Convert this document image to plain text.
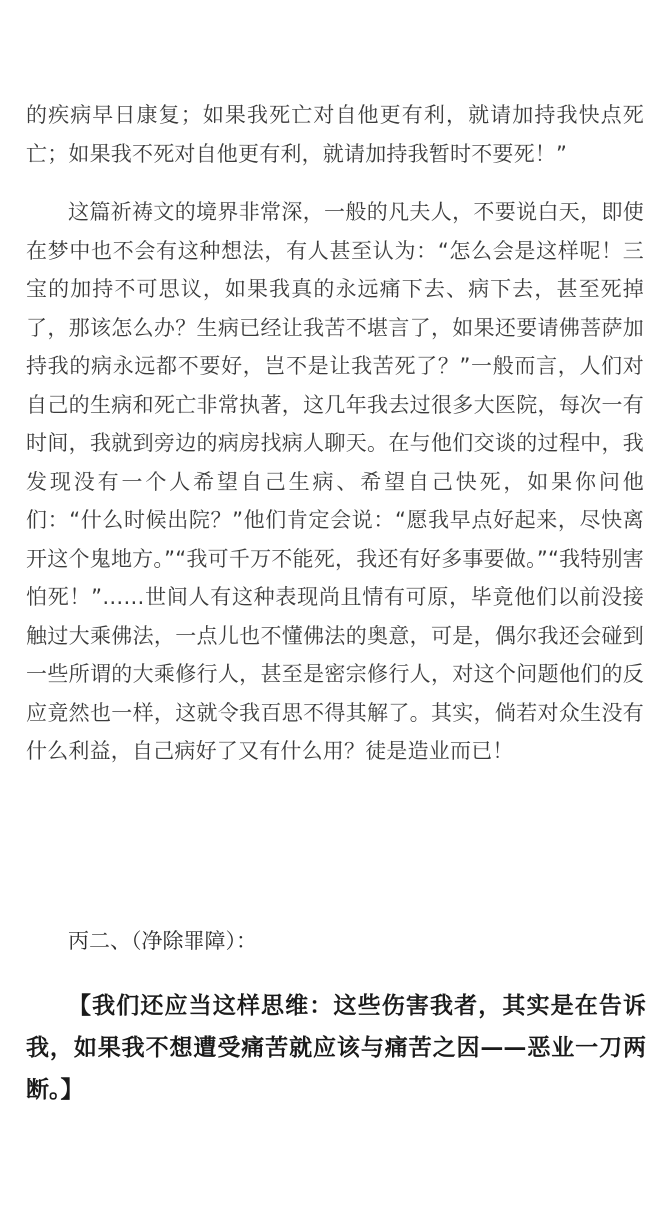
的疾病早日康复；如果我死亡对自他更有利，就请加持我快点死亡；如果我不死对自他更有利，就请加持我暂时不要死！”

这篇祈祷文的境界非常深，一般的凡夫人，不要说白天，即使在梦中也不会有这种想法，有人甚至认为：“怎么会是这样呢！三宝的加持不可思议，如果我真的永远痛下去、病下去，甚至死掉了，那该怎么办？生病已经让我苦不堪言了，如果还要请佛菩萨加持我的病永远都不要好，岂不是让我苦死了？”一般而言，人们对自己的生病和死亡非常执著，这几年我去过很多大医院，每次一有时间，我就到旁边的病房找病人聊天。在与他们交谈的过程中，我发现没有一个人希望自己生病、希望自己快死，如果你问他们：“什么时候出院？”他们肯定会说：“愿我早点好起来，尽快离开这个鬼地方。”“我可千万不能死，我还有好多事要做。”“我特别害怕死！”……世间人有这种表现尚且情有可原，毕竟他们以前没接触过大乘佛法，一点儿也不懂佛法的奥意，可是，偶尔我还会碰到一些所谓的大乘修行人，甚至是密宗修行人，对这个问题他们的反应竟然也一样，这就令我百思不得其解了。其实，倘若对众生没有什么利益，自己病好了又有什么用？徒是造业而已！

丙二、（净除罪障）：

【我们还应当这样思维：这些伤害我者，其实是在告诉我，如果我不想遭受痛苦就应该与痛苦之因——恶业一刀两断。】
